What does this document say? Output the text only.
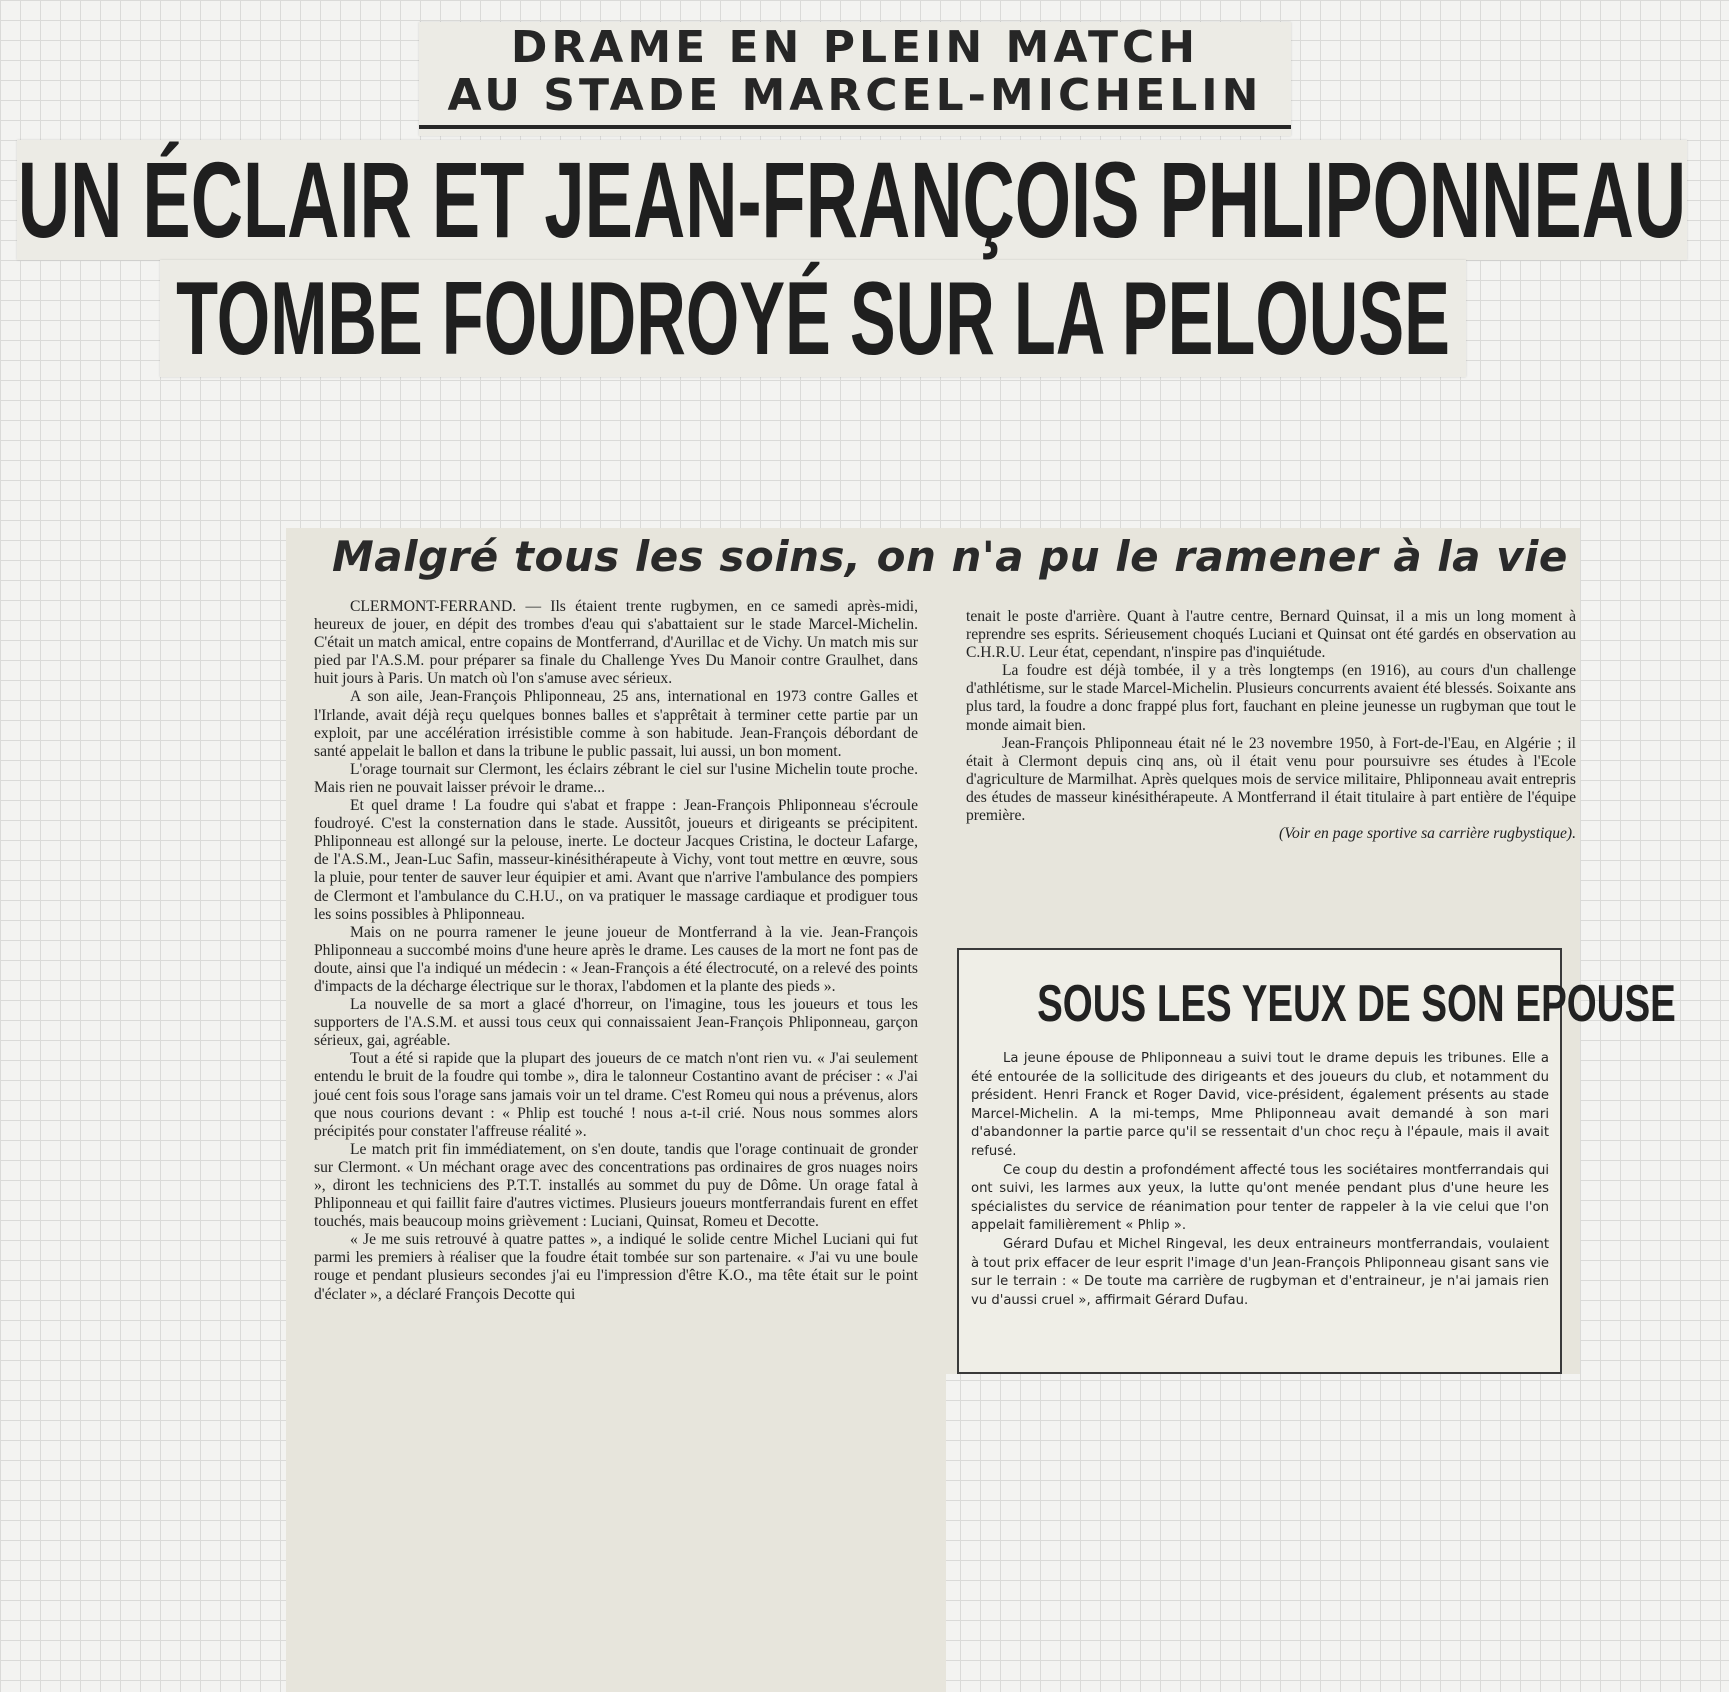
DRAME EN PLEIN MATCH
AU STADE MARCEL-MICHELIN
UN ÉCLAIR ET JEAN-FRANÇOIS PHLIPONNEAU
TOMBE FOUDROYÉ SUR LA PELOUSE
Malgré tous les soins, on n'a pu le ramener à la vie

CLERMONT-FERRAND. — Ils étaient trente rugbymen, en ce samedi après-midi, heureux de jouer, en dépit des trombes d'eau qui s'abattaient sur le stade Marcel-Michelin. C'était un match amical, entre copains de Montferrand, d'Aurillac et de Vichy. Un match mis sur pied par l'A.S.M. pour préparer sa finale du Challenge Yves Du Manoir contre Graulhet, dans huit jours à Paris. Un match où l'on s'amuse avec sérieux.

A son aile, Jean-François Phliponneau, 25 ans, international en 1973 contre Galles et l'Irlande, avait déjà reçu quelques bonnes balles et s'apprêtait à terminer cette partie par un exploit, par une accélération irrésistible comme à son habitude. Jean-François débordant de santé appelait le ballon et dans la tribune le public passait, lui aussi, un bon moment.

L'orage tournait sur Clermont, les éclairs zébrant le ciel sur l'usine Michelin toute proche. Mais rien ne pouvait laisser prévoir le drame...

Et quel drame ! La foudre qui s'abat et frappe : Jean-François Phliponneau s'écroule foudroyé. C'est la consternation dans le stade. Aussitôt, joueurs et dirigeants se précipitent. Phliponneau est allongé sur la pelouse, inerte. Le docteur Jacques Cristina, le docteur Lafarge, de l'A.S.M., Jean-Luc Safin, masseur-kinésithérapeute à Vichy, vont tout mettre en œuvre, sous la pluie, pour tenter de sauver leur équipier et ami. Avant que n'arrive l'ambulance des pompiers de Clermont et l'ambulance du C.H.U., on va pratiquer le massage cardiaque et prodiguer tous les soins possibles à Phliponneau.

Mais on ne pourra ramener le jeune joueur de Montferrand à la vie. Jean-François Phliponneau a succombé moins d'une heure après le drame. Les causes de la mort ne font pas de doute, ainsi que l'a indiqué un médecin : « Jean-François a été électrocuté, on a relevé des points d'impacts de la décharge électrique sur le thorax, l'abdomen et la plante des pieds ».

La nouvelle de sa mort a glacé d'horreur, on l'imagine, tous les joueurs et tous les supporters de l'A.S.M. et aussi tous ceux qui connaissaient Jean-François Phliponneau, garçon sérieux, gai, agréable.

Tout a été si rapide que la plupart des joueurs de ce match n'ont rien vu. « J'ai seulement entendu le bruit de la foudre qui tombe », dira le talonneur Costantino avant de préciser : « J'ai joué cent fois sous l'orage sans jamais voir un tel drame. C'est Romeu qui nous a prévenus, alors que nous courions devant : « Phlip est touché ! nous a-t-il crié. Nous nous sommes alors précipités pour constater l'affreuse réalité ».

Le match prit fin immédiatement, on s'en doute, tandis que l'orage continuait de gronder sur Clermont. « Un méchant orage avec des concentrations pas ordinaires de gros nuages noirs », diront les techniciens des P.T.T. installés au sommet du puy de Dôme. Un orage fatal à Phliponneau et qui faillit faire d'autres victimes. Plusieurs joueurs montferrandais furent en effet touchés, mais beaucoup moins grièvement : Luciani, Quinsat, Romeu et Decotte.

« Je me suis retrouvé à quatre pattes », a indiqué le solide centre Michel Luciani qui fut parmi les premiers à réaliser que la foudre était tombée sur son partenaire. « J'ai vu une boule rouge et pendant plusieurs secondes j'ai eu l'impression d'être K.O., ma tête était sur le point d'éclater », a déclaré François Decotte qui

tenait le poste d'arrière. Quant à l'autre centre, Bernard Quinsat, il a mis un long moment à reprendre ses esprits. Sérieusement choqués Luciani et Quinsat ont été gardés en observation au C.H.R.U. Leur état, cependant, n'inspire pas d'inquiétude.

La foudre est déjà tombée, il y a très longtemps (en 1916), au cours d'un challenge d'athlétisme, sur le stade Marcel-Michelin. Plusieurs concurrents avaient été blessés. Soixante ans plus tard, la foudre a donc frappé plus fort, fauchant en pleine jeunesse un rugbyman que tout le monde aimait bien.

Jean-François Phliponneau était né le 23 novembre 1950, à Fort-de-l'Eau, en Algérie ; il était à Clermont depuis cinq ans, où il était venu pour poursuivre ses études à l'Ecole d'agriculture de Marmilhat. Après quelques mois de service militaire, Phliponneau avait entrepris des études de masseur kinésithérapeute. A Montferrand il était titulaire à part entière de l'équipe première.

(Voir en page sportive sa carrière rugbystique).

SOUS LES YEUX DE SON EPOUSE

La jeune épouse de Phliponneau a suivi tout le drame depuis les tribunes. Elle a été entourée de la sollicitude des dirigeants et des joueurs du club, et notamment du président. Henri Franck et Roger David, vice-président, également présents au stade Marcel-Michelin. A la mi-temps, Mme Phliponneau avait demandé à son mari d'abandonner la partie parce qu'il se ressentait d'un choc reçu à l'épaule, mais il avait refusé.

Ce coup du destin a profondément affecté tous les sociétaires montferrandais qui ont suivi, les larmes aux yeux, la lutte qu'ont menée pendant plus d'une heure les spécialistes du service de réanimation pour tenter de rappeler à la vie celui que l'on appelait familièrement « Phlip ».

Gérard Dufau et Michel Ringeval, les deux entraineurs montferrandais, voulaient à tout prix effacer de leur esprit l'image d'un Jean-François Phliponneau gisant sans vie sur le terrain : « De toute ma carrière de rugbyman et d'entraineur, je n'ai jamais rien vu d'aussi cruel », affirmait Gérard Dufau.
